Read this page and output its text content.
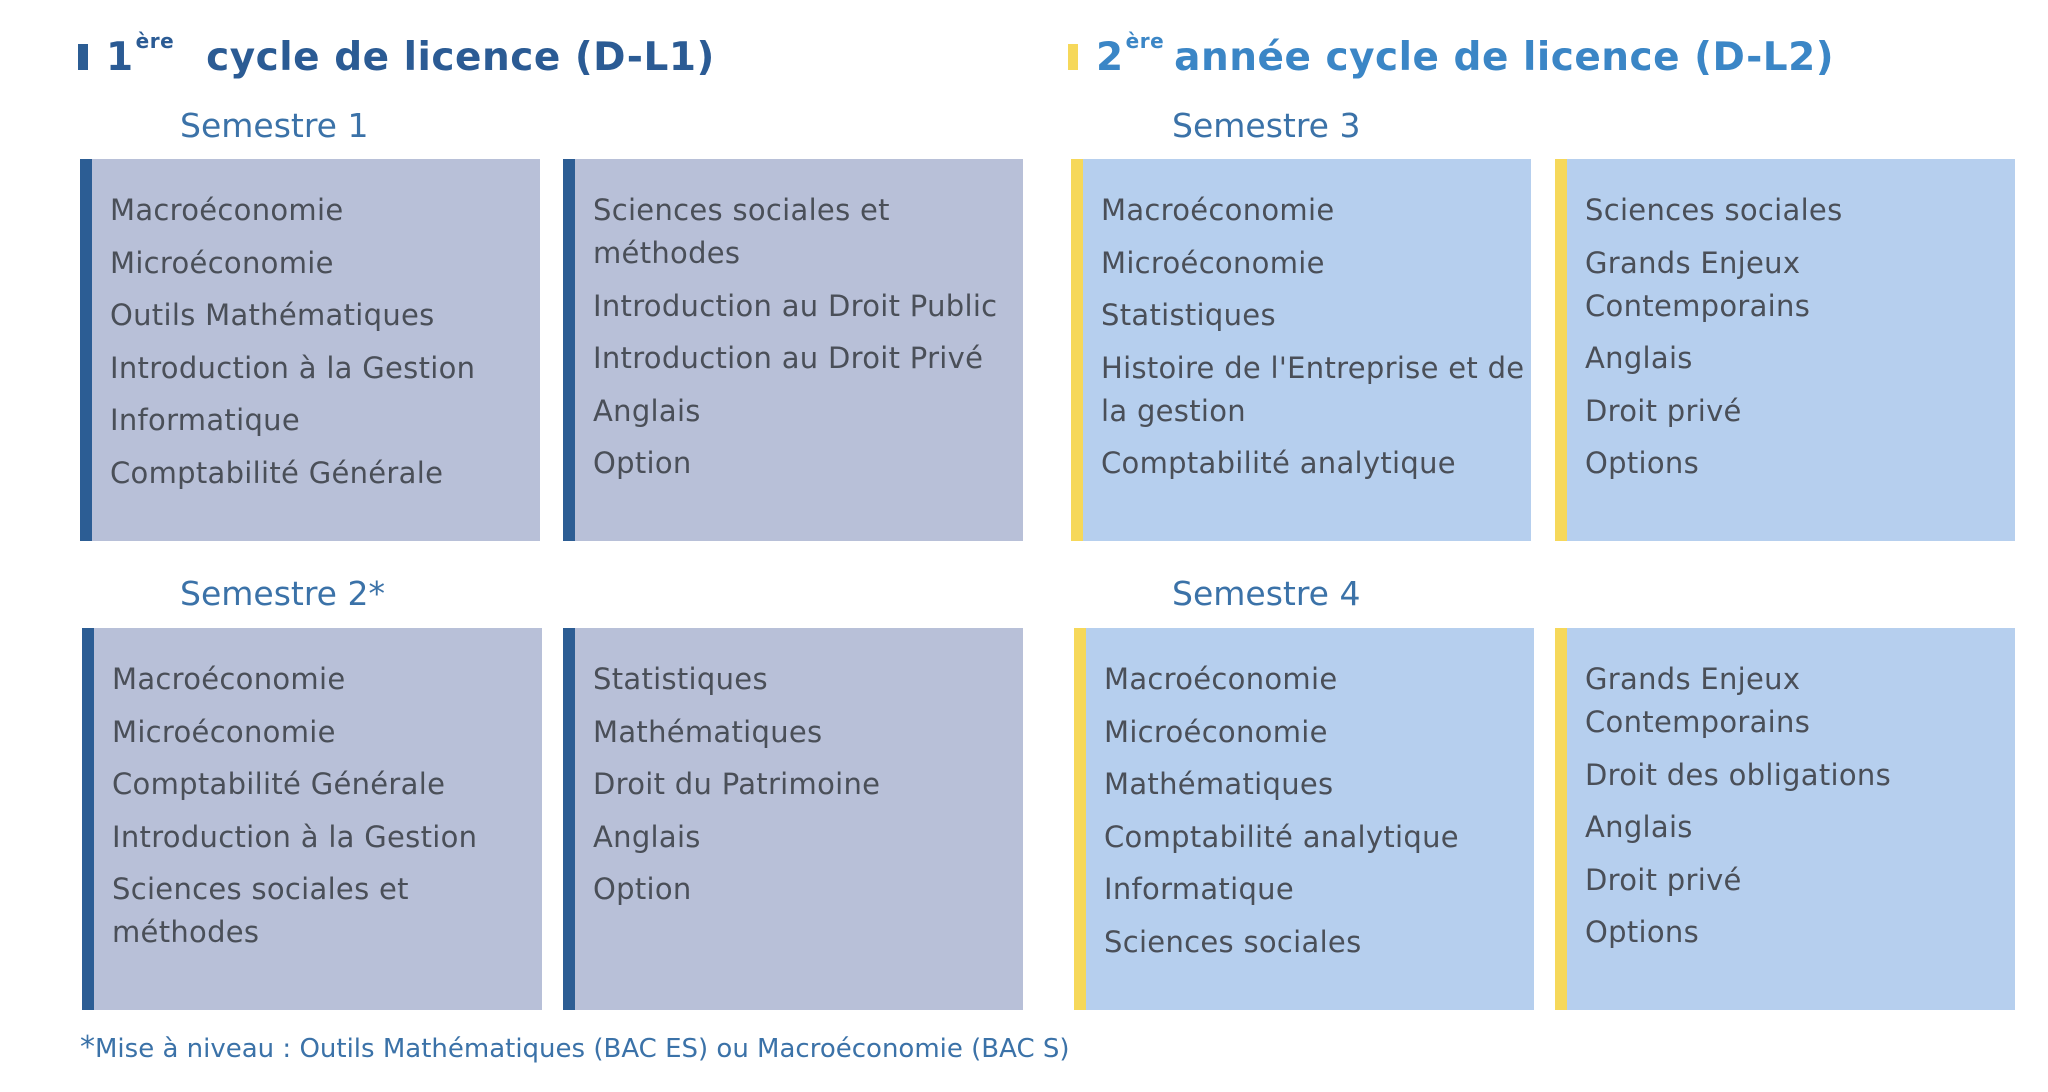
1ère cycle de licence (D-L1)	2ère année cycle de licence (D-L2)
Semestre 1
Semestre 2*
Semestre 3
Semestre 4
Macroéconomie
Microéconomie
Outils Mathématiques
Introduction à la Gestion
Informatique
Comptabilité Générale
Sciences sociales et méthodes
Introduction au Droit Public
Introduction au Droit Privé
Anglais
Option
Macroéconomie
Microéconomie
Comptabilité Générale
Introduction à la Gestion
Sciences sociales et méthodes
Statistiques
Mathématiques
Droit du Patrimoine
Anglais
Option
Macroéconomie
Microéconomie
Statistiques
Histoire de l'Entreprise et de la gestion
Comptabilité analytique
Sciences sociales
Grands Enjeux Contemporains
Anglais
Droit privé
Options
Macroéconomie
Microéconomie
Mathématiques
Comptabilité analytique
Informatique
Sciences sociales
Grands Enjeux Contemporains
Droit des obligations
Anglais
Droit privé
Options
*Mise à niveau : Outils Mathématiques (BAC ES) ou Macroéconomie (BAC S)
